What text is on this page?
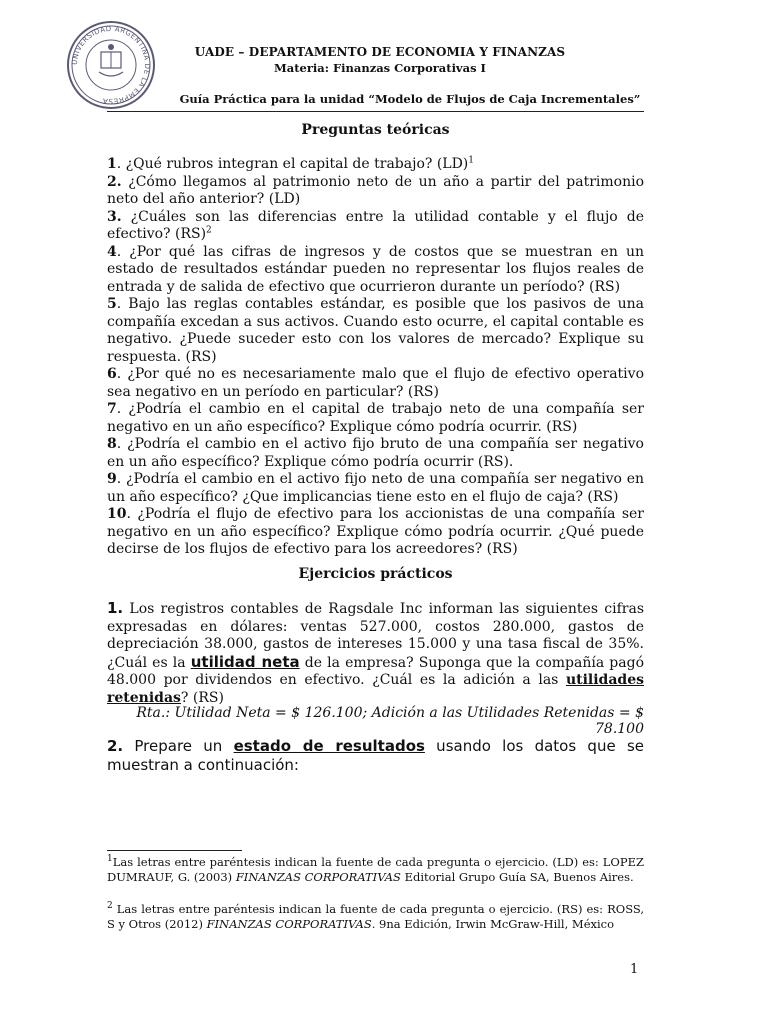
UNIVERSIDAD ARGENTINA DE LA EMPRESA
UADE – DEPARTAMENTO DE ECONOMIA Y FINANZAS
Materia: Finanzas Corporativas I
Guía Práctica para la unidad “Modelo de Flujos de Caja Incrementales”
Preguntas teóricas

1. ¿Qué rubros integran el capital de trabajo? (LD)$^1$

2. ¿Cómo llegamos al patrimonio neto de un año a partir del patrimonio neto del año anterior? (LD)

3. ¿Cuáles son las diferencias entre la utilidad contable y el flujo de efectivo? (RS)$^2$

4. ¿Por qué las cifras de ingresos y de costos que se muestran en un estado de resultados estándar pueden no representar los flujos reales de entrada y de salida de efectivo que ocurrieron durante un período? (RS)

5. Bajo las reglas contables estándar, es posible que los pasivos de una compañía excedan a sus activos. Cuando esto ocurre, el capital contable es negativo. ¿Puede suceder esto con los valores de mercado? Explique su respuesta. (RS)

6. ¿Por qué no es necesariamente malo que el flujo de efectivo operativo sea negativo en un período en particular? (RS)

7. ¿Podría el cambio en el capital de trabajo neto de una compañía ser negativo en un año específico? Explique cómo podría ocurrir. (RS)

8. ¿Podría el cambio en el activo fijo bruto de una compañía ser negativo en un año específico? Explique cómo podría ocurrir (RS).

9. ¿Podría el cambio en el activo fijo neto de una compañía ser negativo en un año específico? ¿Que implicancias tiene esto en el flujo de caja? (RS)

10. ¿Podría el flujo de efectivo para los accionistas de una compañía ser negativo en un año específico? Explique cómo podría ocurrir. ¿Qué puede decirse de los flujos de efectivo para los acreedores? (RS)

Ejercicios prácticos
1. Los registros contables de Ragsdale Inc informan las siguientes cifras expresadas en dólares: ventas 527.000, costos 280.000, gastos de depreciación 38.000, gastos de intereses 15.000 y una tasa fiscal de 35%. ¿Cuál es la utilidad neta de la empresa? Suponga que la compañía pagó 48.000 por dividendos en efectivo. ¿Cuál es la adición a las utilidades retenidas? (RS)
Rta.: Utilidad Neta = $ 126.100; Adición a las Utilidades Retenidas = $ 78.100
2. Prepare un estado de resultados usando los datos que se muestran a continuación:
$^1$Las letras entre paréntesis indican la fuente de cada pregunta o ejercicio. (LD) es: LOPEZ DUMRAUF, G. (2003) FINANZAS CORPORATIVAS Editorial Grupo Guía SA, Buenos Aires.
$^2$ Las letras entre paréntesis indican la fuente de cada pregunta o ejercicio. (RS) es: ROSS, S y Otros (2012) FINANZAS CORPORATIVAS. 9na Edición, Irwin McGraw-Hill, México
1
